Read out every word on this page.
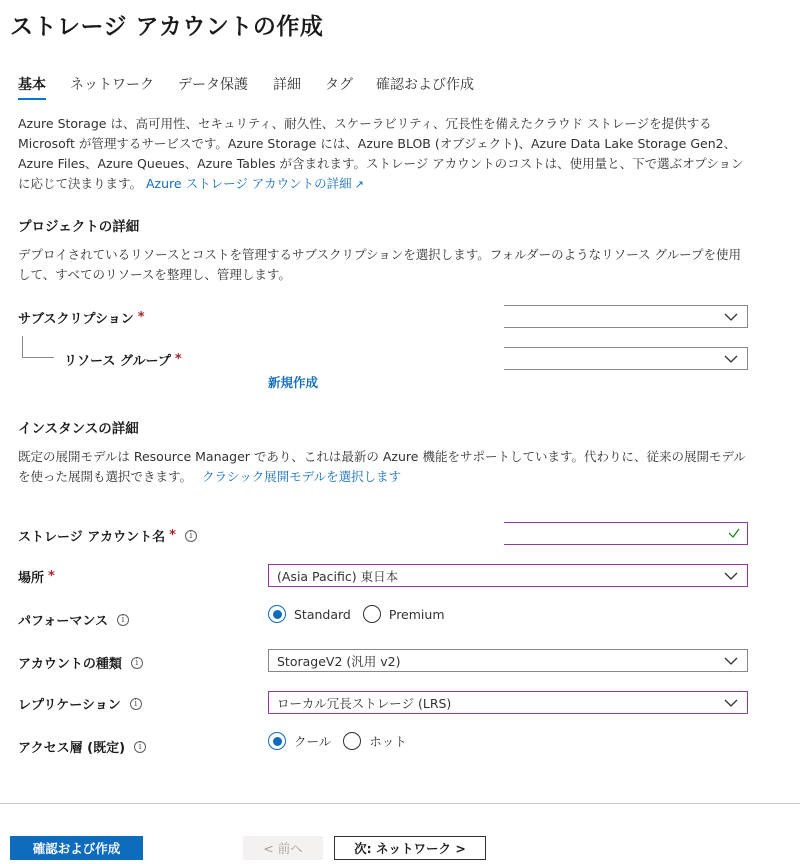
ストレージ アカウントの作成
基本 ネットワーク データ保護 詳細 タグ 確認および作成
Azure Storage は、高可用性、セキュリティ、耐久性、スケーラビリティ、冗長性を備えたクラウド ストレージを提供する Microsoft が管理するサービスです。Azure Storage には、Azure BLOB (オブジェクト)、Azure Data Lake Storage Gen2、Azure Files、Azure Queues、Azure Tables が含まれます。ストレージ アカウントのコストは、使用量と、下で選ぶオプションに応じて決まります。 Azure ストレージ アカウントの詳細 ↗
プロジェクトの詳細
デプロイされているリソースとコストを管理するサブスクリプションを選択します。フォルダーのようなリソース グループを使用して、すべてのリソースを整理し、管理します。
サブスクリプション *
リソース グループ *
新規作成
インスタンスの詳細
既定の展開モデルは Resource Manager であり、これは最新の Azure 機能をサポートしています。代わりに、従来の展開モデルを使った展開も選択できます。 クラシック展開モデルを選択します
ストレージ アカウント名 *	i
場所 *	(Asia Pacific) 東日本
パフォーマンス	i	Standard	Premium
アカウントの種類	i	StorageV2 (汎用 v2)
レプリケーション	i	ローカル冗長ストレージ (LRS)
アクセス層 (既定)	i	クール	ホット
確認および作成	< 前へ	次: ネットワーク >
